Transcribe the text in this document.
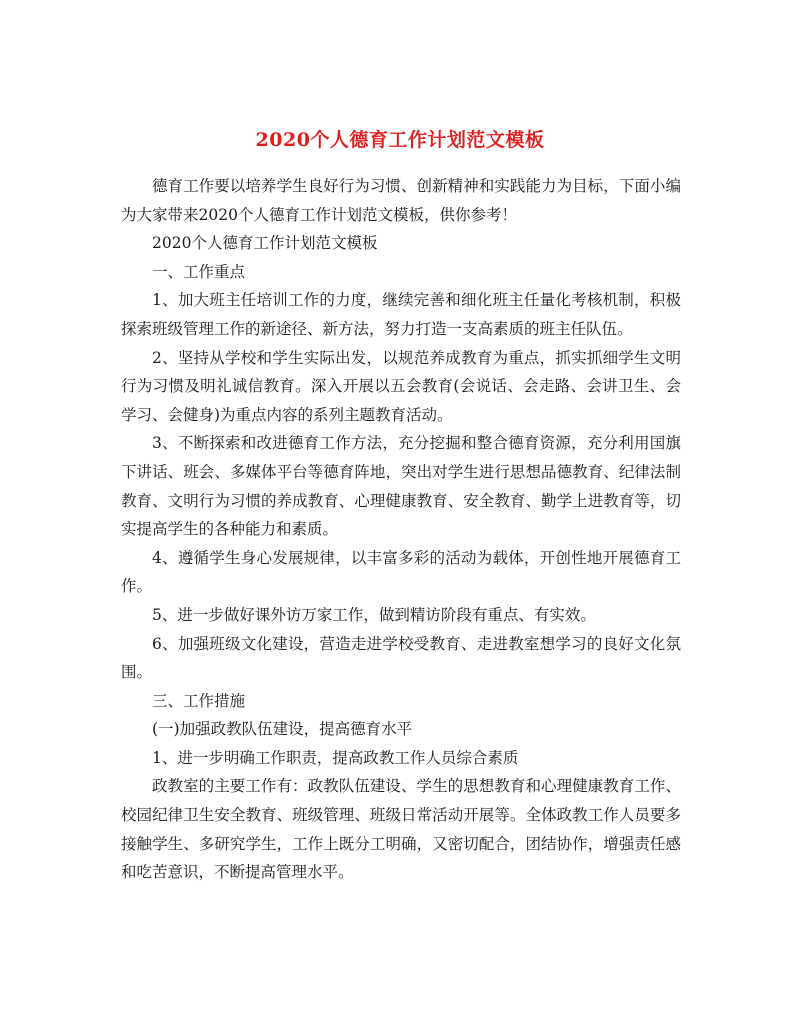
2020个人德育工作计划范文模板

德育工作要以培养学生良好行为习惯、创新精神和实践能力为目标，下面小编为大家带来2020个人德育工作计划范文模板，供你参考！

2020个人德育工作计划范文模板

一、工作重点

1、加大班主任培训工作的力度，继续完善和细化班主任量化考核机制，积极探索班级管理工作的新途径、新方法，努力打造一支高素质的班主任队伍。

2、坚持从学校和学生实际出发，以规范养成教育为重点，抓实抓细学生文明行为习惯及明礼诚信教育。深入开展以五会教育(会说话、会走路、会讲卫生、会学习、会健身)为重点内容的系列主题教育活动。

3、不断探索和改进德育工作方法，充分挖掘和整合德育资源，充分利用国旗下讲话、班会、多媒体平台等德育阵地，突出对学生进行思想品德教育、纪律法制教育、文明行为习惯的养成教育、心理健康教育、安全教育、勤学上进教育等，切实提高学生的各种能力和素质。

4、遵循学生身心发展规律，以丰富多彩的活动为载体，开创性地开展德育工作。

5、进一步做好课外访万家工作，做到精访阶段有重点、有实效。

6、加强班级文化建设，营造走进学校受教育、走进教室想学习的良好文化氛围。

三、工作措施

(一)加强政教队伍建设，提高德育水平

1、进一步明确工作职责，提高政教工作人员综合素质

政教室的主要工作有：政教队伍建设、学生的思想教育和心理健康教育工作、校园纪律卫生安全教育、班级管理、班级日常活动开展等。全体政教工作人员要多接触学生、多研究学生，工作上既分工明确，又密切配合，团结协作，增强责任感和吃苦意识，不断提高管理水平。
